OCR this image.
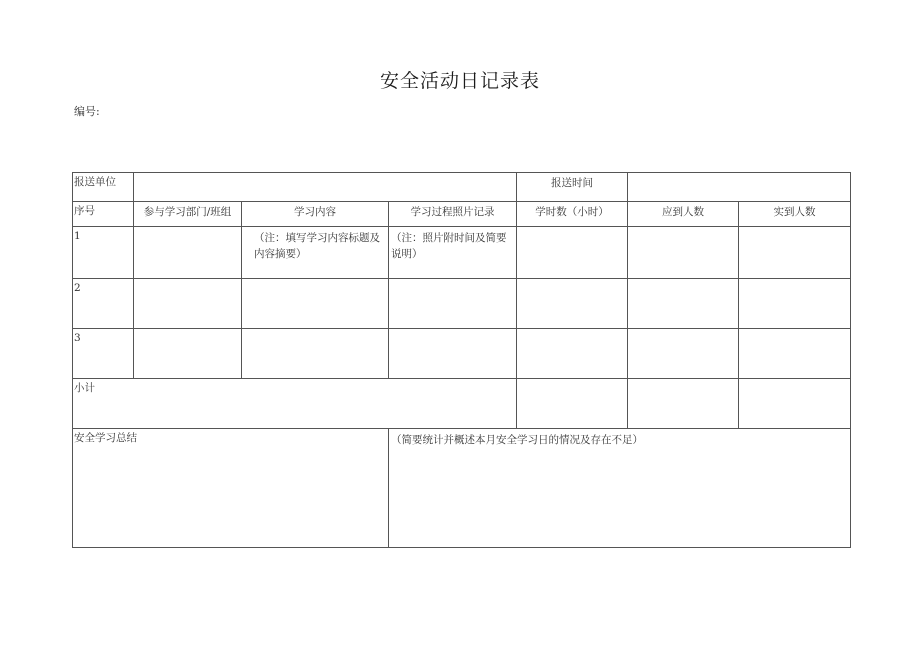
安全活动日记录表
编号:
报送单位				报送时间		
序号	参与学习部门/班组	学习内容	学习过程照片记录	学时数（小时）	应到人数	实到人数
1		（注：填写学习内容标题及内容摘要）	（注：照片附时间及简要说明）			
2						
3						
小计						
安全学习总结			（简要统计并概述本月安全学习日的情况及存在不足）			
